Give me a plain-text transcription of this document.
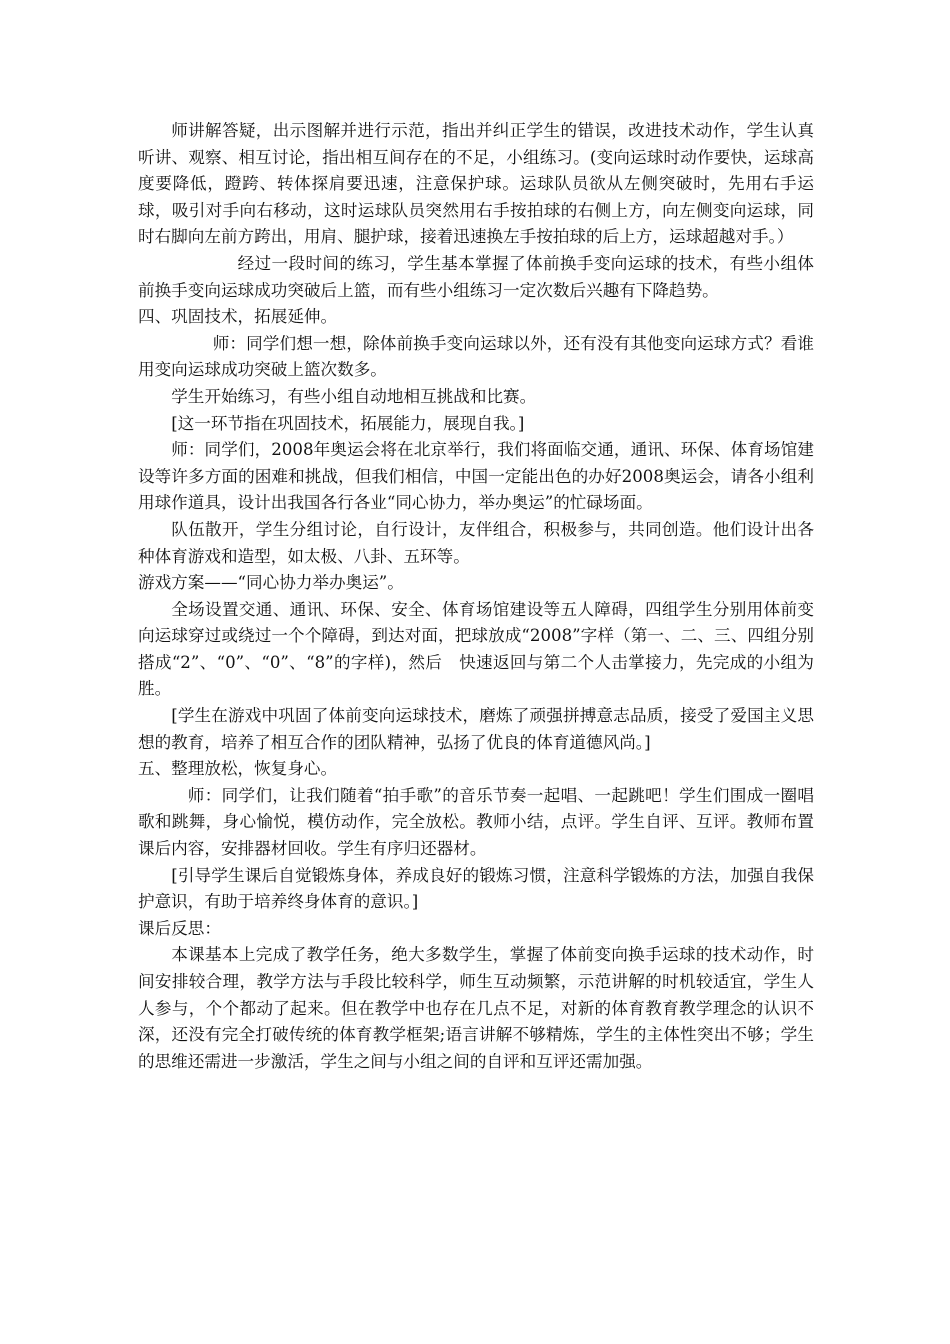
师讲解答疑，出示图解并进行示范，指出并纠正学生的错误，改进技术动作，学生认真听讲、观察、相互讨论，指出相互间存在的不足，小组练习。(变向运球时动作要快，运球高度要降低，蹬跨、转体探肩要迅速，注意保护球。运球队员欲从左侧突破时，先用右手运球，吸引对手向右移动，这时运球队员突然用右手按拍球的右侧上方，向左侧变向运球，同时右脚向左前方跨出，用肩、腿护球，接着迅速换左手按拍球的后上方，运球超越对手。）

经过一段时间的练习，学生基本掌握了体前换手变向运球的技术，有些小组体前换手变向运球成功突破后上篮，而有些小组练习一定次数后兴趣有下降趋势。

四、巩固技术，拓展延伸。

师：同学们想一想，除体前换手变向运球以外，还有没有其他变向运球方式？看谁用变向运球成功突破上篮次数多。

学生开始练习，有些小组自动地相互挑战和比赛。

[这一环节指在巩固技术，拓展能力，展现自我。]

师：同学们，2008年奥运会将在北京举行，我们将面临交通，通讯、环保、体育场馆建设等许多方面的困难和挑战，但我们相信，中国一定能出色的办好2008奥运会，请各小组利用球作道具，设计出我国各行各业“同心协力，举办奥运”的忙碌场面。

队伍散开，学生分组讨论，自行设计，友伴组合，积极参与，共同创造。他们设计出各种体育游戏和造型，如太极、八卦、五环等。

游戏方案——“同心协力举办奥运”。

全场设置交通、通讯、环保、安全、体育场馆建设等五人障碍，四组学生分别用体前变向运球穿过或绕过一个个障碍，到达对面，把球放成“2008”字样（第一、二、三、四组分别搭成“2”、“0”、“0”、“8”的字样)，然后　快速返回与第二个人击掌接力，先完成的小组为胜。

[学生在游戏中巩固了体前变向运球技术，磨炼了顽强拼搏意志品质，接受了爱国主义思想的教育，培养了相互合作的团队精神，弘扬了优良的体育道德风尚。]

五、整理放松，恢复身心。

师：同学们，让我们随着“拍手歌”的音乐节奏一起唱、一起跳吧！学生们围成一圈唱歌和跳舞，身心愉悦，模仿动作，完全放松。教师小结，点评。学生自评、互评。教师布置课后内容，安排器材回收。学生有序归还器材。

[引导学生课后自觉锻炼身体，养成良好的锻炼习惯，注意科学锻炼的方法，加强自我保护意识，有助于培养终身体育的意识。]

课后反思：

本课基本上完成了教学任务，绝大多数学生，掌握了体前变向换手运球的技术动作，时间安排较合理，教学方法与手段比较科学，师生互动频繁，示范讲解的时机较适宜，学生人人参与，个个都动了起来。但在教学中也存在几点不足，对新的体育教育教学理念的认识不深，还没有完全打破传统的体育教学框架;语言讲解不够精炼，学生的主体性突出不够；学生的思维还需进一步激活，学生之间与小组之间的自评和互评还需加强。
